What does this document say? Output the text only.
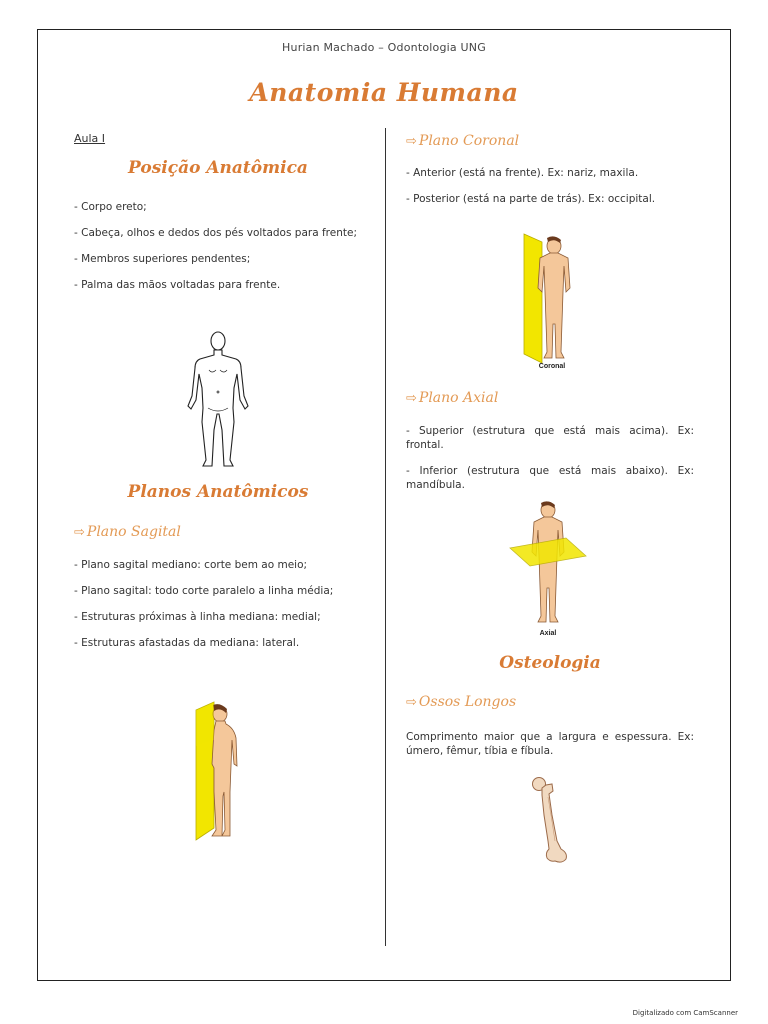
Hurian Machado – Odontologia UNG
Anatomia Humana
Aula I
Posição Anatômica

- Corpo ereto;

- Cabeça, olhos e dedos dos pés voltados para frente;

- Membros superiores pendentes;

- Palma das mãos voltadas para frente.

Planos Anatômicos
⇨ Plano Sagital

- Plano sagital mediano: corte bem ao meio;

- Plano sagital: todo corte paralelo a linha média;

- Estruturas próximas à linha mediana: medial;

- Estruturas afastadas da mediana: lateral.

⇨ Plano Coronal

- Anterior (está na frente). Ex: nariz, maxila.

- Posterior (está na parte de trás). Ex: occipital.

Coronal
⇨ Plano Axial

- Superior (estrutura que está mais acima). Ex: frontal.

- Inferior (estrutura que está mais abaixo). Ex: mandíbula.

Axial
Osteologia
⇨ Ossos Longos

Comprimento maior que a largura e espessura. Ex: úmero, fêmur, tíbia e fíbula.

Digitalizado com CamScanner
